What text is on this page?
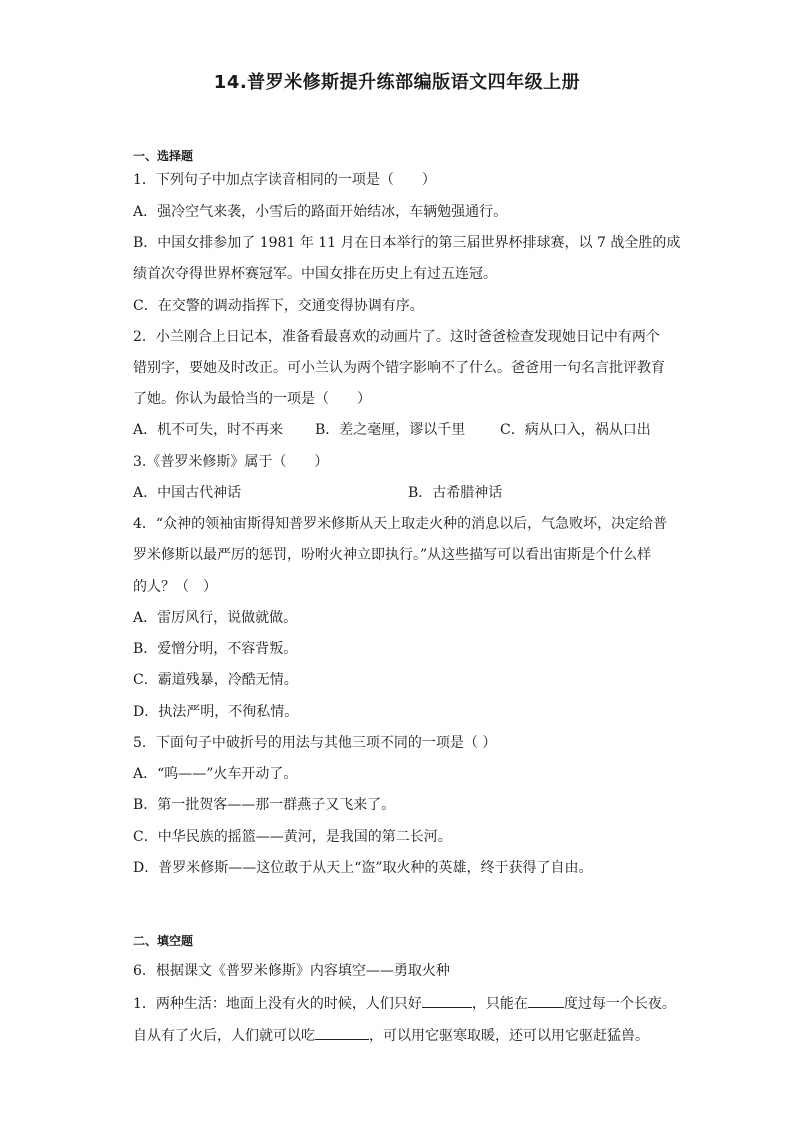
14.普罗米修斯提升练部编版语文四年级上册
一、选择题
1．下列句子中加点字读音相同的一项是（　　）
A．强冷空气来袭，小雪后的路面开始结冰，车辆勉强通行。
B．中国女排参加了 1981 年 11 月在日本举行的第三届世界杯排球赛，以 7 战全胜的成
绩首次夺得世界杯赛冠军。中国女排在历史上有过五连冠。
C．在交警的调动指挥下，交通变得协调有序。
2．小兰刚合上日记本，准备看最喜欢的动画片了。这时爸爸检查发现她日记中有两个
错别字，要她及时改正。可小兰认为两个错字影响不了什么。爸爸用一句名言批评教育
了她。你认为最恰当的一项是（　　）
A．机不可失，时不再来 B．差之毫厘，谬以千里 C．病从口入，祸从口出
3.《普罗米修斯》属于（　　）
A．中国古代神话	B．古希腊神话
4．“众神的领袖宙斯得知普罗米修斯从天上取走火种的消息以后，气急败坏，决定给普
罗米修斯以最严厉的惩罚，吩咐火神立即执行。”从这些描写可以看出宙斯是个什么样
的人？（　）
A．雷厉风行，说做就做。
B．爱憎分明，不容背叛。
C．霸道残暴，冷酷无情。
D．执法严明，不徇私情。
5．下面句子中破折号的用法与其他三项不同的一项是（ ）
A．“呜——”火车开动了。
B．第一批贺客——那一群燕子又飞来了。
C．中华民族的摇篮——黄河，是我国的第二长河。
D．普罗米修斯——这位敢于从天上“盗”取火种的英雄，终于获得了自由。
二、填空题
6．根据课文《普罗米修斯》内容填空——勇取火种
1．两种生活：地面上没有火的时候，人们只好	，只能在	度过每一个长夜。
自从有了火后，人们就可以吃	，可以用它驱寒取暖，还可以用它驱赶猛兽。
